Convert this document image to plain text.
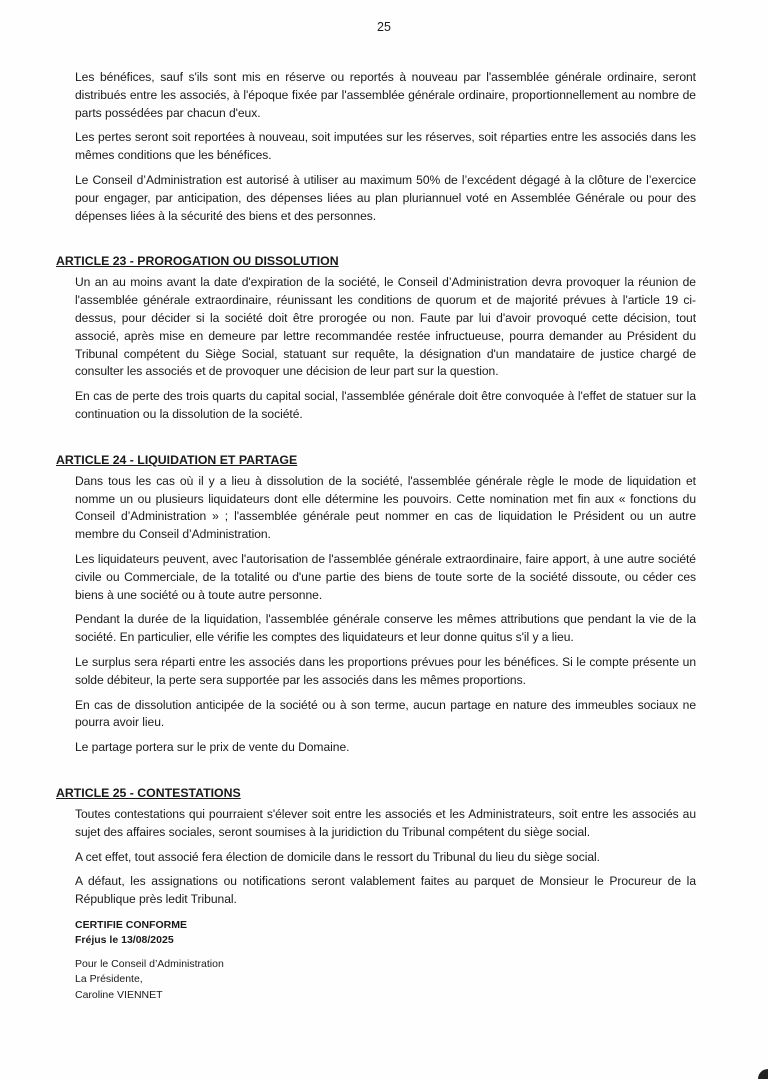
25

Les bénéfices, sauf s'ils sont mis en réserve ou reportés à nouveau par l'assemblée générale ordinaire, seront distribués entre les associés, à l'époque fixée par l'assemblée générale ordinaire, proportionnellement au nombre de parts possédées par chacun d'eux.

Les pertes seront soit reportées à nouveau, soit imputées sur les réserves, soit réparties entre les associés dans les mêmes conditions que les bénéfices.

Le Conseil d’Administration est autorisé à utiliser au maximum 50% de l’excédent dégagé à la clôture de l’exercice pour engager, par anticipation, des dépenses liées au plan pluriannuel voté en Assemblée Générale ou pour des dépenses liées à la sécurité des biens et des personnes.

ARTICLE 23 - PROROGATION OU DISSOLUTION

Un an au moins avant la date d'expiration de la société, le Conseil d’Administration devra provoquer la réunion de l'assemblée générale extraordinaire, réunissant les conditions de quorum et de majorité prévues à l'article 19 ci-dessus, pour décider si la société doit être prorogée ou non. Faute par lui d'avoir provoqué cette décision, tout associé, après mise en demeure par lettre recommandée restée infructueuse, pourra demander au Président du Tribunal compétent du Siège Social, statuant sur requête, la désignation d'un mandataire de justice chargé de consulter les associés et de provoquer une décision de leur part sur la question.

En cas de perte des trois quarts du capital social, l'assemblée générale doit être convoquée à l'effet de statuer sur la continuation ou la dissolution de la société.

ARTICLE 24 - LIQUIDATION ET PARTAGE

Dans tous les cas où il y a lieu à dissolution de la société, l'assemblée générale règle le mode de liquidation et nomme un ou plusieurs liquidateurs dont elle détermine les pouvoirs. Cette nomination met fin aux « fonctions du Conseil d’Administration » ; l'assemblée générale peut nommer en cas de liquidation le Président ou un autre membre du Conseil d’Administration.

Les liquidateurs peuvent, avec l'autorisation de l'assemblée générale extraordinaire, faire apport, à une autre société civile ou Commerciale, de la totalité ou d'une partie des biens de toute sorte de la société dissoute, ou céder ces biens à une société ou à toute autre personne.

Pendant la durée de la liquidation, l'assemblée générale conserve les mêmes attributions que pendant la vie de la société. En particulier, elle vérifie les comptes des liquidateurs et leur donne quitus s'il y a lieu.

Le surplus sera réparti entre les associés dans les proportions prévues pour les bénéfices. Si le compte présente un solde débiteur, la perte sera supportée par les associés dans les mêmes proportions.

En cas de dissolution anticipée de la société ou à son terme, aucun partage en nature des immeubles sociaux ne pourra avoir lieu.

Le partage portera sur le prix de vente du Domaine.

ARTICLE 25 - CONTESTATIONS

Toutes contestations qui pourraient s'élever soit entre les associés et les Administrateurs, soit entre les associés au sujet des affaires sociales, seront soumises à la juridiction du Tribunal compétent du siège social.

A cet effet, tout associé fera élection de domicile dans le ressort du Tribunal du lieu du siège social.

A défaut, les assignations ou notifications seront valablement faites au parquet de Monsieur le Procureur de la République près ledit Tribunal.

CERTIFIE CONFORME
Fréjus le 13/08/2025
Pour le Conseil d’Administration
La Présidente,
Caroline VIENNET
